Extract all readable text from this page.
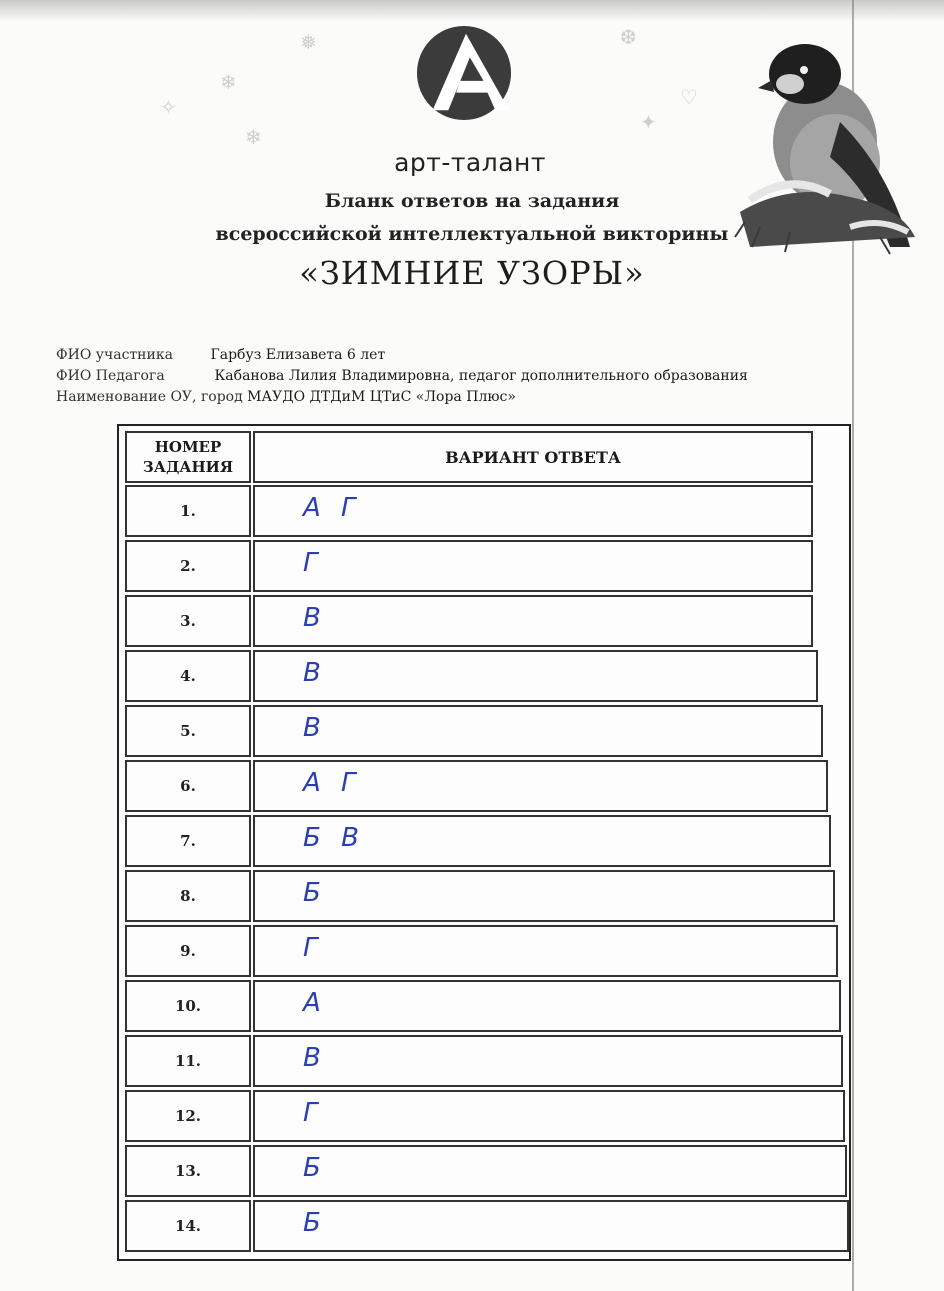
❄
❅	❆
♡
✧
❄
✦
арт-талант
Бланк ответов на задания
всероссийской интеллектуальной викторины
«ЗИМНИЕ УЗОРЫ»
ФИО участника	Гарбуз Елизавета 6 лет
ФИО Педагога	Кабанова Лилия Владимировна, педагог дополнительного образования
Наименование ОУ, город МАУДО ДТДиМ ЦТиС «Лора Плюс»
НОМЕР
ЗАДАНИЯ
ВАРИАНТ ОТВЕТА
1.	А Г
2.	Г
3.	В
4.	В
5.	В
6.	А Г
7.	Б В
8.	Б
9.	Г
10.	А
11.	В
12.	Г
13.	Б
14.	Б
